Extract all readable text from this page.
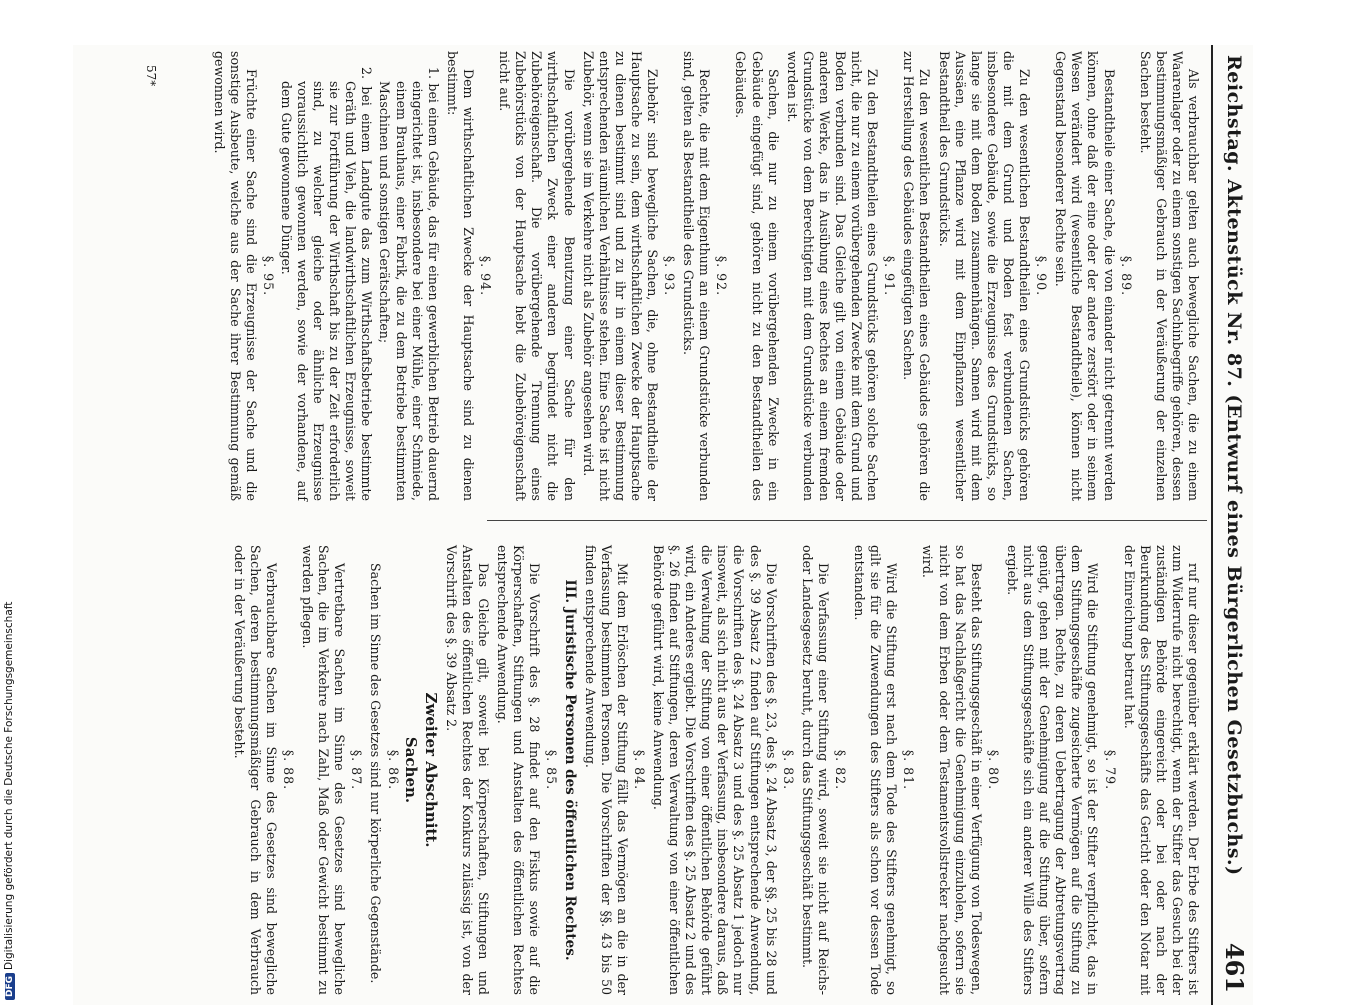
Reichstag. Aktenstück Nr. 87. (Entwurf eines Bürgerlichen Gesetzbuchs.)
461
Als verbrauchbar gelten auch bewegliche Sachen, die zu einem Waarenlager oder zu einem sonstigen Sachinbegriffe gehören, dessen bestimmungsmäßiger Gebrauch in der Veräußerung der einzelnen Sachen besteht.
§. 89.
Bestandtheile einer Sache, die von einander nicht getrennt werden können, ohne daß der eine oder der andere zerstört oder in seinem Wesen verändert wird (wesentliche Bestandtheile), können nicht Gegenstand besonderer Rechte sein.
§. 90.
Zu den wesentlichen Bestandtheilen eines Grundstücks gehören die mit dem Grund und Boden fest verbundenen Sachen, insbesondere Gebäude, sowie die Erzeugnisse des Grundstücks, so lange sie mit dem Boden zusammenhängen. Samen wird mit dem Aussäen, eine Pflanze wird mit dem Einpflanzen wesentlicher Bestandtheil des Grundstücks.
Zu den wesentlichen Bestandtheilen eines Gebäudes gehören die zur Herstellung des Gebäudes eingefügten Sachen.
§. 91.
Zu den Bestandtheilen eines Grundstücks gehören solche Sachen nicht, die nur zu einem vorübergehenden Zwecke mit dem Grund und Boden verbunden sind. Das Gleiche gilt von einem Gebäude oder anderen Werke, das in Ausübung eines Rechtes an einem fremden Grundstücke von dem Berechtigten mit dem Grundstücke verbunden worden ist.
Sachen, die nur zu einem vorübergehenden Zwecke in ein Gebäude eingefügt sind, gehören nicht zu den Bestandtheilen des Gebäudes.
§. 92.
Rechte, die mit dem Eigenthum an einem Grundstücke verbunden sind, gelten als Bestandtheile des Grundstücks.
§. 93.
Zubehör sind bewegliche Sachen, die, ohne Bestandtheile der Hauptsache zu sein, dem wirthschaftlichen Zwecke der Hauptsache zu dienen bestimmt sind und zu ihr in einem dieser Bestimmung entsprechenden räumlichen Verhältnisse stehen. Eine Sache ist nicht Zubehör, wenn sie im Verkehre nicht als Zubehör angesehen wird.
Die vorübergehende Benutzung einer Sache für den wirthschaftlichen Zweck einer anderen begründet nicht die Zubehöreigenschaft. Die vorübergehende Trennung eines Zubehörstücks von der Hauptsache hebt die Zubehöreigenschaft nicht auf.
§. 94.
Dem wirthschaftlichen Zwecke der Hauptsache sind zu dienen bestimmt:
1. bei einem Gebäude, das für einen gewerblichen Betrieb dauernd eingerichtet ist, insbesondere bei einer Mühle, einer Schmiede, einem Brauhaus, einer Fabrik, die zu dem Betriebe bestimmten Maschinen und sonstigen Gerätschaften;
2. bei einem Landgute das zum Wirthschaftsbetriebe bestimmte Geräth und Vieh, die landwirthschaftlichen Erzeugnisse, soweit sie zur Fortführung der Wirthschaft bis zu der Zeit erforderlich sind, zu welcher gleiche oder ähnliche Erzeugnisse voraussichtlich gewonnen werden, sowie der vorhandene, auf dem Gute gewonnene Dünger.
§. 95.
Früchte einer Sache sind die Erzeugnisse der Sache und die sonstige Ausbeute, welche aus der Sache ihrer Bestimmung gemäß gewonnen wird.
ruf nur dieser gegenüber erklärt werden. Der Erbe des Stifters ist zum Widerrufe nicht berechtigt, wenn der Stifter das Gesuch bei der zuständigen Behörde eingereicht oder bei oder nach der Beurkundung des Stiftungsgeschäfts das Gericht oder den Notar mit der Einreichung betraut hat.
§. 79.
Wird die Stiftung genehmigt, so ist der Stifter verpflichtet, das in dem Stiftungsgeschäfte zugesicherte Vermögen auf die Stiftung zu übertragen. Rechte, zu deren Uebertragung der Abtretungsvertrag genügt, gehen mit der Genehmigung auf die Stiftung über, sofern nicht aus dem Stiftungsgeschäfte sich ein anderer Wille des Stifters ergiebt.
§. 80.
Besteht das Stiftungsgeschäft in einer Verfügung von Todeswegen, so hat das Nachlaßgericht die Genehmigung einzuholen, sofern sie nicht von dem Erben oder dem Testamentsvollstrecker nachgesucht wird.
§. 81.
Wird die Stiftung erst nach dem Tode des Stifters genehmigt, so gilt sie für die Zuwendungen des Stifters als schon vor dessen Tode entstanden.
§. 82.
Die Verfassung einer Stiftung wird, soweit sie nicht auf Reichs- oder Landesgesetz beruht, durch das Stiftungsgeschäft bestimmt.
§. 83.
Die Vorschriften des §. 23, des §. 24 Absatz 3, der §§. 25 bis 28 und des §. 39 Absatz 2 finden auf Stiftungen entsprechende Anwendung, die Vorschriften des §. 24 Absatz 3 und des §. 25 Absatz 1 jedoch nur insoweit, als sich nicht aus der Verfassung, insbesondere daraus, daß die Verwaltung der Stiftung von einer öffentlichen Behörde geführt wird, ein Anderes ergiebt. Die Vorschriften des §. 25 Absatz 2 und des §. 26 finden auf Stiftungen, deren Verwaltung von einer öffentlichen Behörde geführt wird, keine Anwendung.
§. 84.
Mit dem Erlöschen der Stiftung fällt das Vermögen an die in der Verfassung bestimmten Personen. Die Vorschriften der §§. 43 bis 50 finden entsprechende Anwendung.
III. Juristische Personen des öffentlichen Rechtes.
§. 85.
Die Vorschrift des §. 28 findet auf den Fiskus sowie auf die Körperschaften, Stiftungen und Anstalten des öffentlichen Rechtes entsprechende Anwendung.
Das Gleiche gilt, soweit bei Körperschaften, Stiftungen und Anstalten des öffentlichen Rechtes der Konkurs zulässig ist, von der Vorschrift des §. 39 Absatz 2.
Zweiter Abschnitt.
Sachen.
§. 86.
Sachen im Sinne des Gesetzes sind nur körperliche Gegenstände.
§. 87.
Vertretbare Sachen im Sinne des Gesetzes sind bewegliche Sachen, die im Verkehre nach Zahl, Maß oder Gewicht bestimmt zu werden pflegen.
§. 88.
Verbrauchbare Sachen im Sinne des Gesetzes sind bewegliche Sachen, deren bestimmungsmäßiger Gebrauch in dem Verbrauch oder in der Veräußerung besteht.
57*
DFGDigitalisierung gefördert durch die Deutsche Forschungsgemeinschaft
